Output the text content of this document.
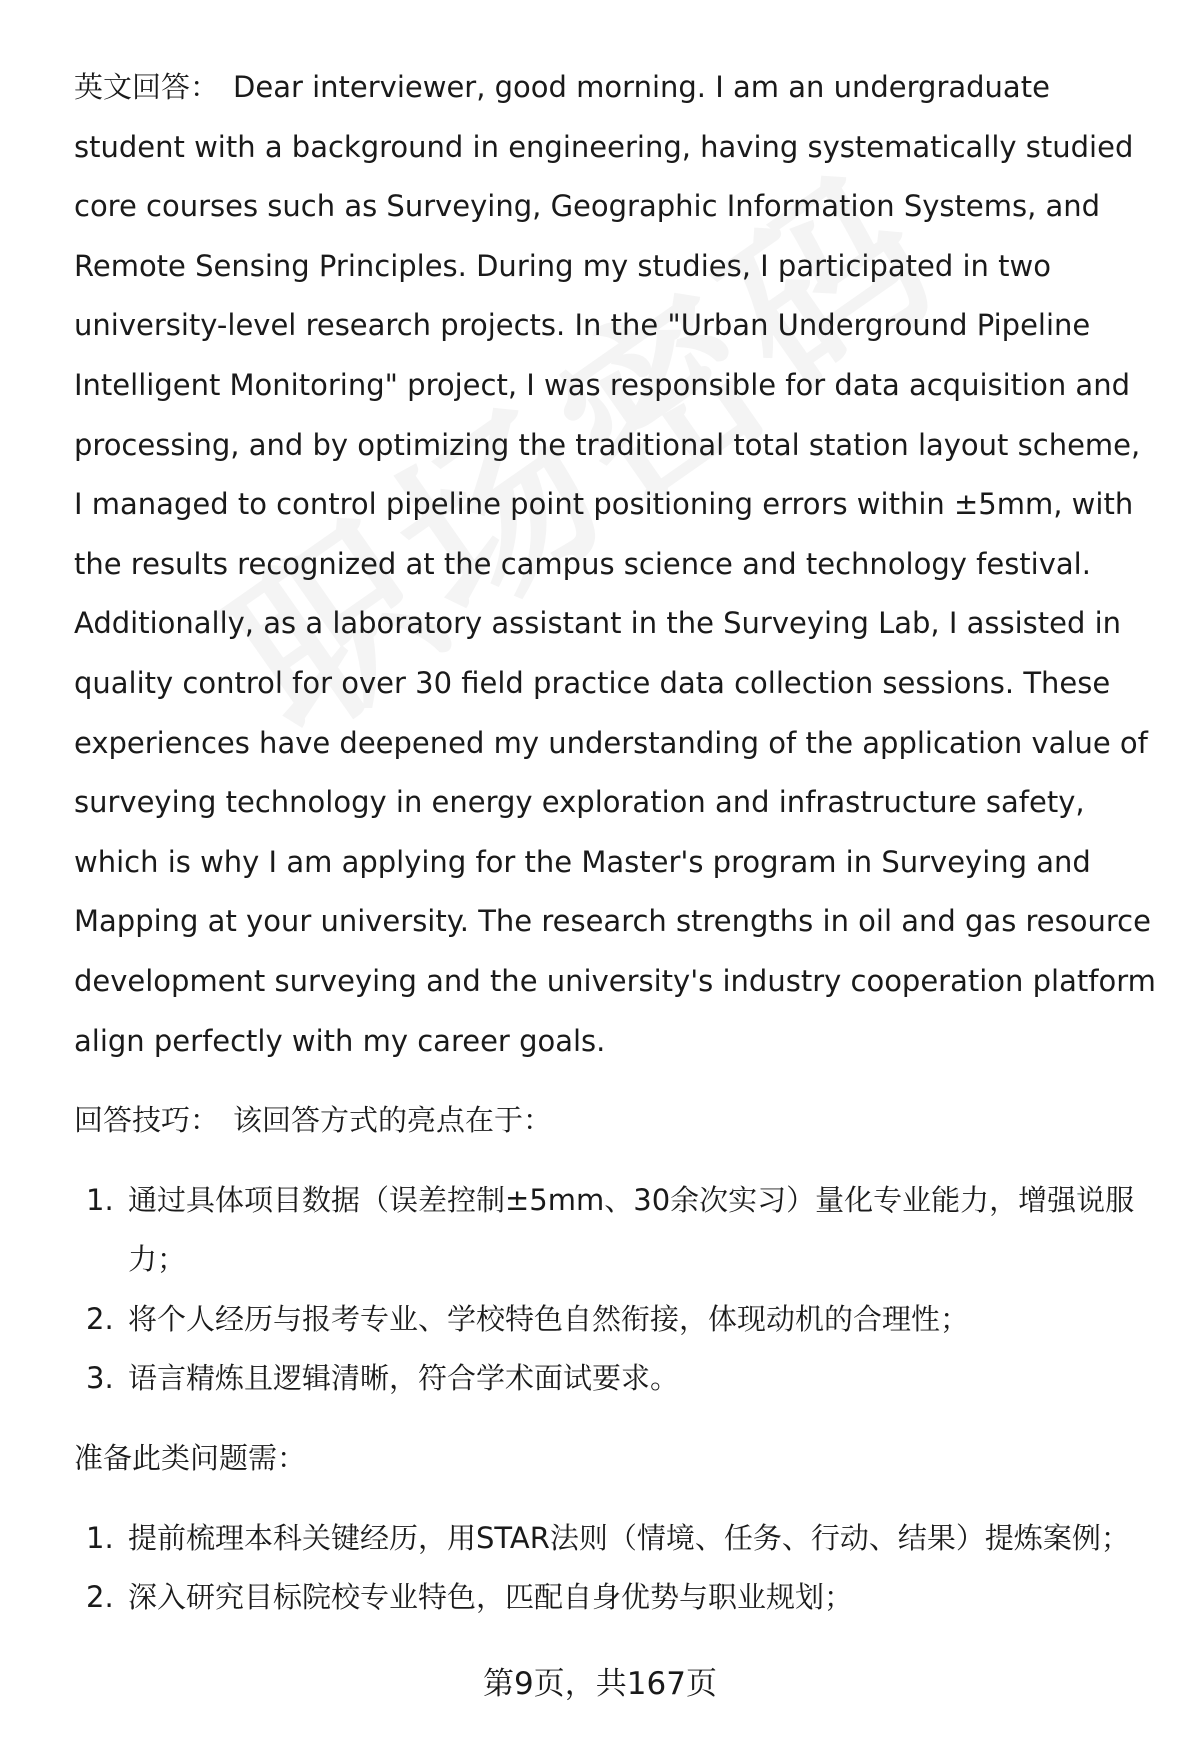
英文回答： Dear interviewer, good morning. I am an undergraduate student with a background in engineering, having systematically studied core courses such as Surveying, Geographic Information Systems, and Remote Sensing Principles. During my studies, I participated in two university-level research projects. In the "Urban Underground Pipeline Intelligent Monitoring" project, I was responsible for data acquisition and processing, and by optimizing the traditional total station layout scheme, I managed to control pipeline point positioning errors within ±5mm, with the results recognized at the campus science and technology festival. Additionally, as a laboratory assistant in the Surveying Lab, I assisted in quality control for over 30 field practice data collection sessions. These experiences have deepened my understanding of the application value of surveying technology in energy exploration and infrastructure safety, which is why I am applying for the Master's program in Surveying and Mapping at your university. The research strengths in oil and gas resource development surveying and the university's industry cooperation platform align perfectly with my career goals.

回答技巧： 该回答方式的亮点在于：

1. 通过具体项目数据（误差控制±5mm、30余次实习）量化专业能力，增强说服力；
2. 将个人经历与报考专业、学校特色自然衔接，体现动机的合理性；
3. 语言精炼且逻辑清晰，符合学术面试要求。

准备此类问题需：

1. 提前梳理本科关键经历，用STAR法则（情境、任务、行动、结果）提炼案例；
2. 深入研究目标院校专业特色，匹配自身优势与职业规划；
第9页，共167页
